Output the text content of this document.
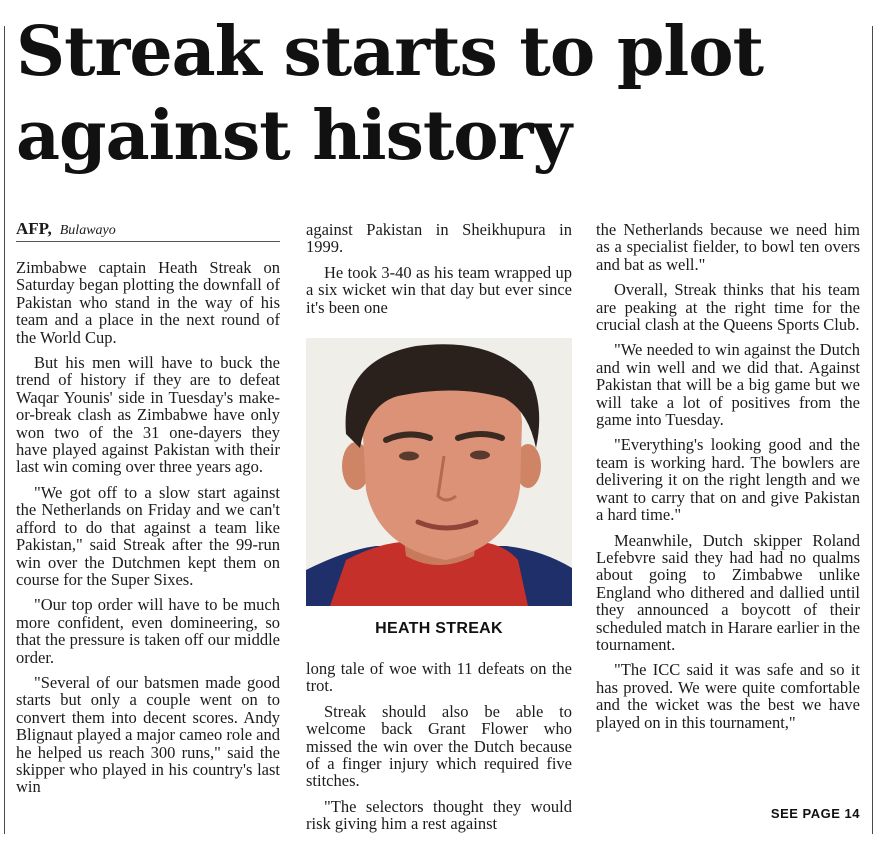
Streak starts to plot against history
AFP, Bulawayo

Zimbabwe captain Heath Streak on Saturday began plotting the downfall of Pakistan who stand in the way of his team and a place in the next round of the World Cup.

But his men will have to buck the trend of history if they are to defeat Waqar Younis' side in Tuesday's make-or-break clash as Zimbabwe have only won two of the 31 one-dayers they have played against Pakistan with their last win coming over three years ago.

"We got off to a slow start against the Netherlands on Friday and we can't afford to do that against a team like Pakistan," said Streak after the 99-run win over the Dutchmen kept them on course for the Super Sixes.

"Our top order will have to be much more confident, even domineering, so that the pressure is taken off our middle order.

"Several of our batsmen made good starts but only a couple went on to convert them into decent scores. Andy Blignaut played a major cameo role and he helped us reach 300 runs," said the skipper who played in his country's last win

against Pakistan in Sheikhupura in 1999.

He took 3-40 as his team wrapped up a six wicket win that day but ever since it's been one

HEATH STREAK

long tale of woe with 11 defeats on the trot.

Streak should also be able to welcome back Grant Flower who missed the win over the Dutch because of a finger injury which required five stitches.

"The selectors thought they would risk giving him a rest against

the Netherlands because we need him as a specialist fielder, to bowl ten overs and bat as well."

Overall, Streak thinks that his team are peaking at the right time for the crucial clash at the Queens Sports Club.

"We needed to win against the Dutch and win well and we did that. Against Pakistan that will be a big game but we will take a lot of positives from the game into Tuesday.

"Everything's looking good and the team is working hard. The bowlers are delivering it on the right length and we want to carry that on and give Pakistan a hard time."

Meanwhile, Dutch skipper Roland Lefebvre said they had had no qualms about going to Zimbabwe unlike England who dithered and dallied until they announced a boycott of their scheduled match in Harare earlier in the tournament.

"The ICC said it was safe and so it has proved. We were quite comfortable and the wicket was the best we have played on in this tournament,"

SEE PAGE 14
